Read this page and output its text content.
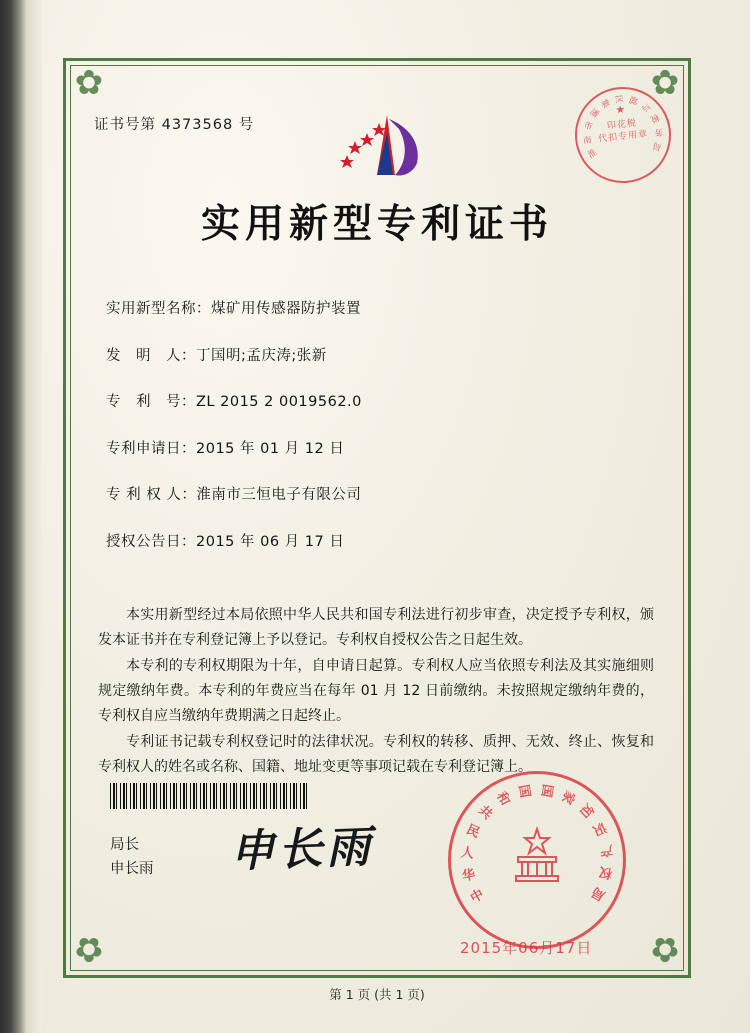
✿	✿
✿	✿
证书号第 4373568 号
★
淮
南
市
潘
集 区 越
与
税
务
局
印花税
代扣专用章
实用新型专利证书
实用新型名称：煤矿用传感器防护装置
发　明　人：丁国明;孟庆涛;张新
专　利　号：ZL 2015 2 0019562.0
专利申请日：2015 年 01 月 12 日
专 利 权 人：淮南市三恒电子有限公司
授权公告日：2015 年 06 月 17 日

本实用新型经过本局依照中华人民共和国专利法进行初步审查，决定授予专利权，颁发本证书并在专利登记簿上予以登记。专利权自授权公告之日起生效。

本专利的专利权期限为十年，自申请日起算。专利权人应当依照专利法及其实施细则规定缴纳年费。本专利的年费应当在每年 01 月 12 日前缴纳。未按照规定缴纳年费的，专利权自应当缴纳年费期满之日起终止。

专利证书记载专利权登记时的法律状况。专利权的转移、质押、无效、终止、恢复和专利权人的姓名或名称、国籍、地址变更等事项记载在专利登记簿上。

局长
申长雨 申长雨
中
华
人
民
共
和 国 国 家
知
识
产
权
局
2015年06月17日
第 1 页 (共 1 页)
